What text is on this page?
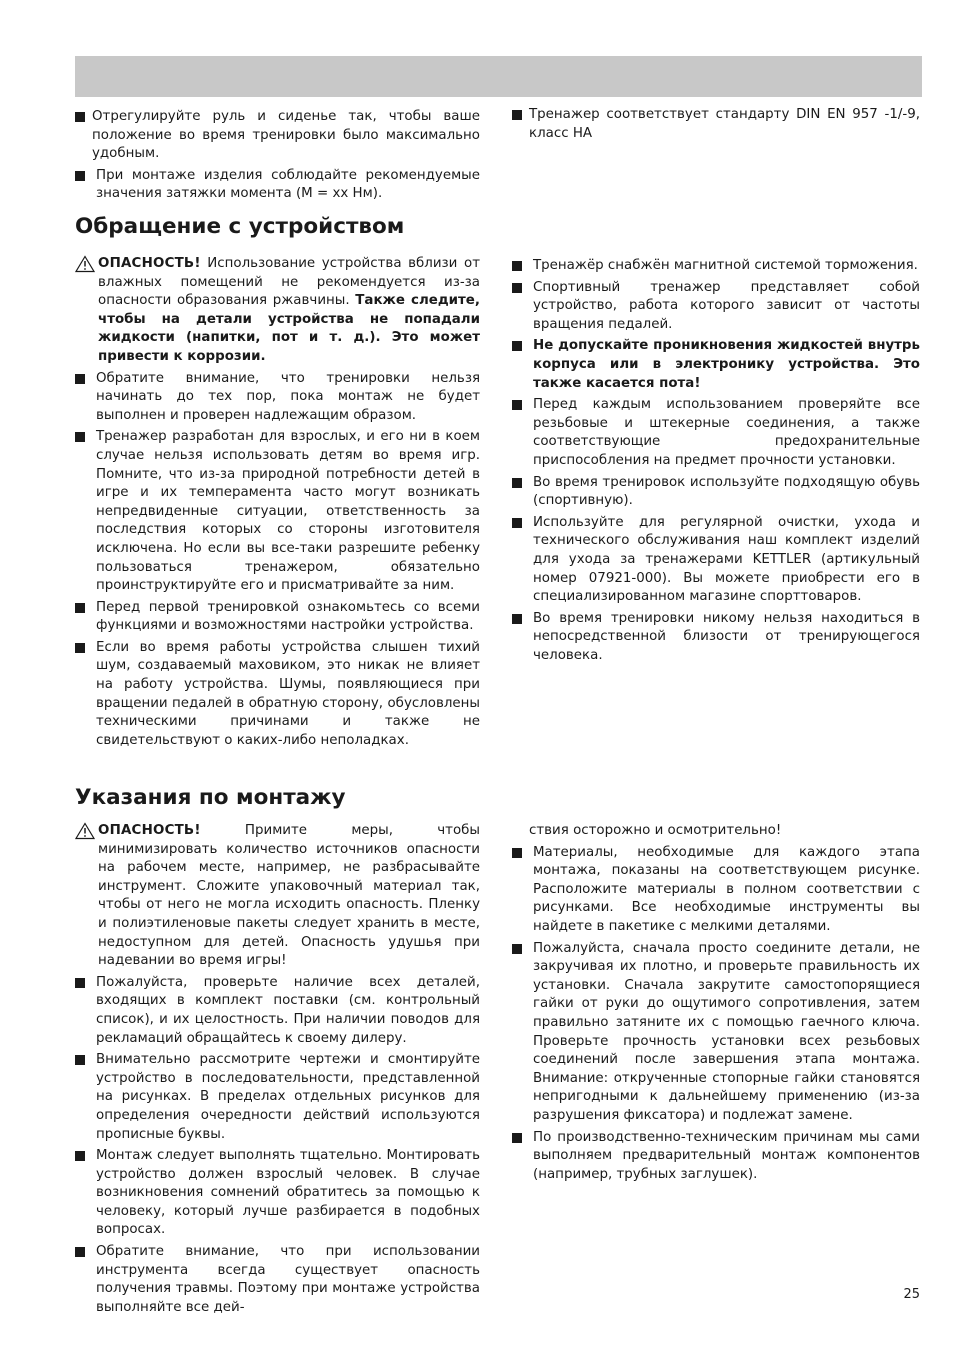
Отрегулируйте руль и сиденье так, чтобы ваше положение во время тренировки было максимально удобным.
При монтаже изделия соблюдайте рекомендуемые значения затяжки момента (M = xx Нм).
Тренажер соответствует стандарту DIN EN 957 -1/-9, класс HA
Обращение с устройством
ОПАСНОСТЬ! Использование устройства вблизи от влажных помещений не рекомендуется из-за опасности образования ржавчины. Также следите, чтобы на детали устройства не попадали жидкости (напитки, пот и т. д.). Это может привести к коррозии.
Обратите внимание, что тренировки нельзя начинать до тех пор, пока монтаж не будет выполнен и проверен надлежащим образом.
Тренажер разработан для взрослых, и его ни в коем случае нельзя использовать детям во время игр. Помните, что из-за природной потребности детей в игре и их темперамента часто могут возникать непредвиденные ситуации, ответственность за последствия которых со стороны изготовителя исключена. Но если вы все-таки разрешите ребенку пользоваться тренажером, обязательно проинструктируйте его и присматривайте за ним.
Перед первой тренировкой ознакомьтесь со всеми функциями и возможностями настройки устройства.
Если во время работы устройства слышен тихий шум, создаваемый маховиком, это никак не влияет на работу устройства. Шумы, появляющиеся при вращении педалей в обратную сторону, обусловлены техническими причинами и также не свидетельствуют о каких-либо неполадках.
Тренажёр снабжён магнитной системой торможения.
Спортивный тренажер представляет собой устройство, работа которого зависит от частоты вращения педалей.
Не допускайте проникновения жидкостей внутрь корпуса или в электронику устройства. Это также касается пота!
Перед каждым использованием проверяйте все резьбовые и штекерные соединения, а также соответствующие предохранительные приспособления на предмет прочности установки.
Во время тренировок используйте подходящую обувь (спортивную).
Используйте для регулярной очистки, ухода и технического обслуживания наш комплект изделий для ухода за тренажерами KETTLER (артикульный номер 07921-000). Вы можете приобрести его в специализированном магазине спорттоваров.
Во время тренировки никому нельзя находиться в непосредственной близости от тренирующегося человека.
Указания по монтажу
ОПАСНОСТЬ! Примите меры, чтобы минимизировать количество источников опасности на рабочем месте, например, не разбрасывайте инструмент. Сложите упаковочный материал так, чтобы от него не могла исходить опасность. Пленку и полиэтиленовые пакеты следует хранить в месте, недоступном для детей. Опасность удушья при надевании во время игры!
Пожалуйста, проверьте наличие всех деталей, входящих в комплект поставки (см. контрольный список), и их целостность. При наличии поводов для рекламаций обращайтесь к своему дилеру.
Внимательно рассмотрите чертежи и смонтируйте устройство в последовательности, представленной на рисунках. В пределах отдельных рисунков для определения очередности действий используются прописные буквы.
Монтаж следует выполнять тщательно. Монтировать устройство должен взрослый человек. В случае возникновения сомнений обратитесь за помощью к человеку, который лучше разбирается в подобных вопросах.
Обратите внимание, что при использовании инструмента всегда существует опасность получения травмы. Поэтому при монтаже устройства выполняйте все дей-
ствия осторожно и осмотрительно!
Материалы, необходимые для каждого этапа монтажа, показаны на соответствующем рисунке. Расположите материалы в полном соответствии с рисунками. Все необходимые инструменты вы найдете в пакетике с мелкими деталями.
Пожалуйста, сначала просто соедините детали, не закручивая их плотно, и проверьте правильность их установки. Сначала закрутите самостопорящиеся гайки от руки до ощутимого сопротивления, затем правильно затяните их с помощью гаечного ключа. Проверьте прочность установки всех резьбовых соединений после завершения этапа монтажа. Внимание: открученные стопорные гайки становятся непригодными к дальнейшему применению (из-за разрушения фиксатора) и подлежат замене.
По производственно-техническим причинам мы сами выполняем предварительный монтаж компонентов (например, трубных заглушек).
25
